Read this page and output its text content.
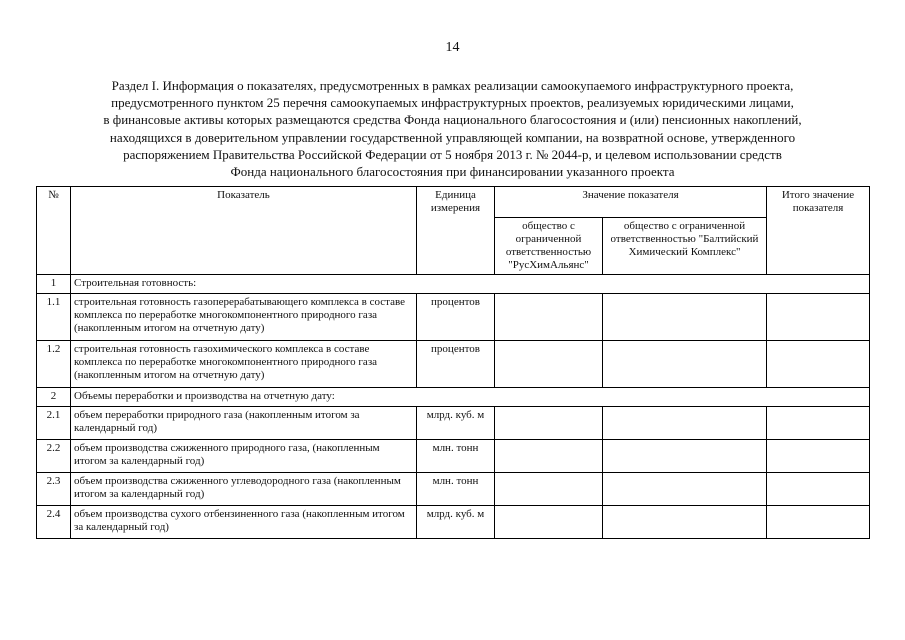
14
Раздел I. Информация о показателях, предусмотренных в рамках реализации самоокупаемого инфраструктурного проекта,
предусмотренного пунктом 25 перечня самоокупаемых инфраструктурных проектов, реализуемых юридическими лицами,
в финансовые активы которых размещаются средства Фонда национального благосостояния и (или) пенсионных накоплений,
находящихся в доверительном управлении государственной управляющей компании, на возвратной основе, утвержденного
распоряжением Правительства Российской Федерации от 5 ноября 2013 г. № 2044-р, и целевом использовании средств
Фонда национального благосостояния при финансировании указанного проекта
№	Показатель	Единица измерения	Значение показателя		Итого значение показателя
			общество с ограниченной ответственностью "РусХимАльянс"	общество с ограниченной ответственностью "Балтийский Химический Комплекс"	
1	Строительная готовность:				
1.1	строительная готовность газоперерабатывающего комплекса в составе комплекса по переработке многокомпонентного природного газа (накопленным итогом на отчетную дату)	процентов			
1.2	строительная готовность газохимического комплекса в составе комплекса по переработке многокомпонентного природного газа (накопленным итогом на отчетную дату)	процентов			
2	Объемы переработки и производства на отчетную дату:				
2.1	объем переработки природного газа (накопленным итогом за календарный год)	млрд. куб. м			
2.2	объем производства сжиженного природного газа, (накопленным итогом за календарный год)	млн. тонн			
2.3	объем производства сжиженного углеводородного газа (накопленным итогом за календарный год)	млн. тонн			
2.4	объем производства сухого отбензиненного газа (накопленным итогом за календарный год)	млрд. куб. м			
